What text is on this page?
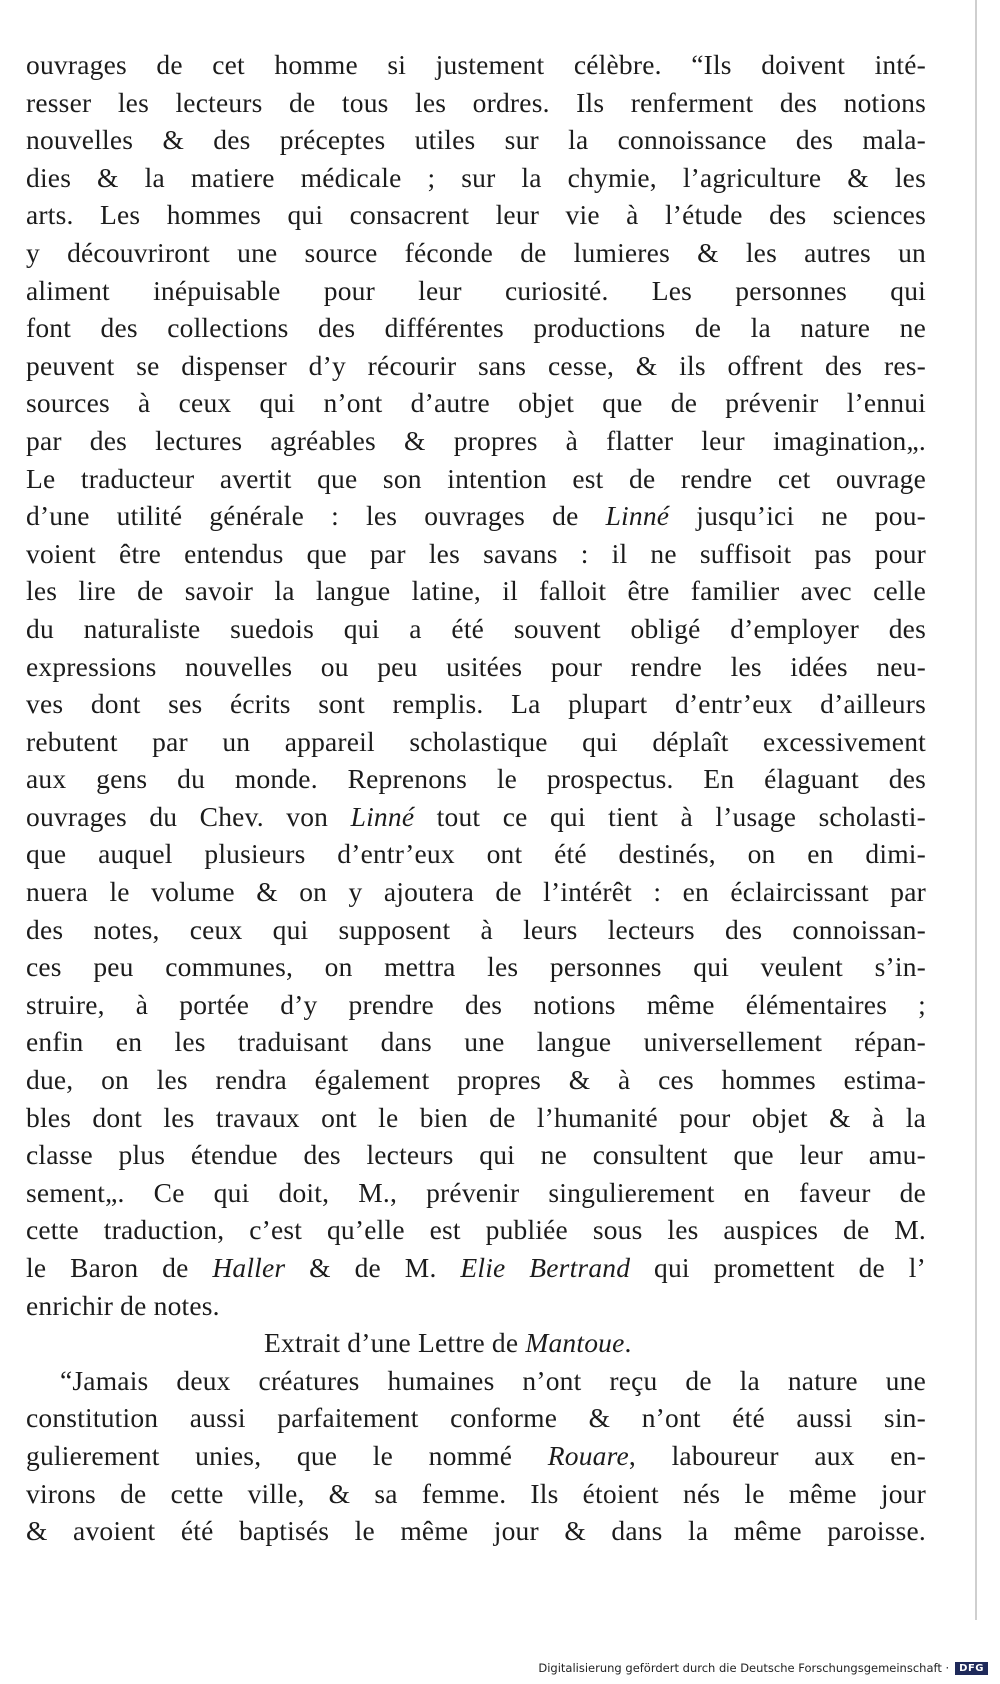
ouvrages de cet homme si justement célèbre. “Ils doivent inté-
resser les lecteurs de tous les ordres. Ils renferment des notions
nouvelles & des préceptes utiles sur la connoissance des mala-
dies & la matiere médicale ; sur la chymie, l’agriculture & les
arts. Les hommes qui consacrent leur vie à l’étude des sciences
y découvriront une source féconde de lumieres & les autres un
aliment inépuisable pour leur curiosité. Les personnes qui
font des collections des différentes productions de la nature ne
peuvent se dispenser d’y récourir sans cesse, & ils offrent des res-
sources à ceux qui n’ont d’autre objet que de prévenir l’ennui
par des lectures agréables & propres à flatter leur imagination„.
Le traducteur avertit que son intention est de rendre cet ouvrage
d’une utilité générale : les ouvrages de Linné jusqu’ici ne pou-
voient être entendus que par les savans : il ne suffisoit pas pour
les lire de savoir la langue latine, il falloit être familier avec celle
du naturaliste suedois qui a été souvent obligé d’employer des
expressions nouvelles ou peu usitées pour rendre les idées neu-
ves dont ses écrits sont remplis. La plupart d’entr’eux d’ailleurs
rebutent par un appareil scholastique qui déplaît excessivement
aux gens du monde. Reprenons le prospectus. En élaguant des
ouvrages du Chev. von Linné tout ce qui tient à l’usage scholasti-
que auquel plusieurs d’entr’eux ont été destinés, on en dimi-
nuera le volume & on y ajoutera de l’intérêt : en éclaircissant par
des notes, ceux qui supposent à leurs lecteurs des connoissan-
ces peu communes, on mettra les personnes qui veulent s’in-
struire, à portée d’y prendre des notions même élémentaires ;
enfin en les traduisant dans une langue universellement répan-
due, on les rendra également propres & à ces hommes estima-
bles dont les travaux ont le bien de l’humanité pour objet & à la
classe plus étendue des lecteurs qui ne consultent que leur amu-
sement„. Ce qui doit, M., prévenir singulierement en faveur de
cette traduction, c’est qu’elle est publiée sous les auspices de M.
le Baron de Haller & de M. Elie Bertrand qui promettent de l’
enrichir de notes.
Extrait d’une Lettre de Mantoue.
“Jamais deux créatures humaines n’ont reçu de la nature une
constitution aussi parfaitement conforme & n’ont été aussi sin-
gulierement unies, que le nommé Rouare, laboureur aux en-
virons de cette ville, & sa femme. Ils étoient nés le même jour
& avoient été baptisés le même jour & dans la même paroisse.
Digitalisierung gefördert durch die Deutsche Forschungsgemeinschaft ·	DFG
